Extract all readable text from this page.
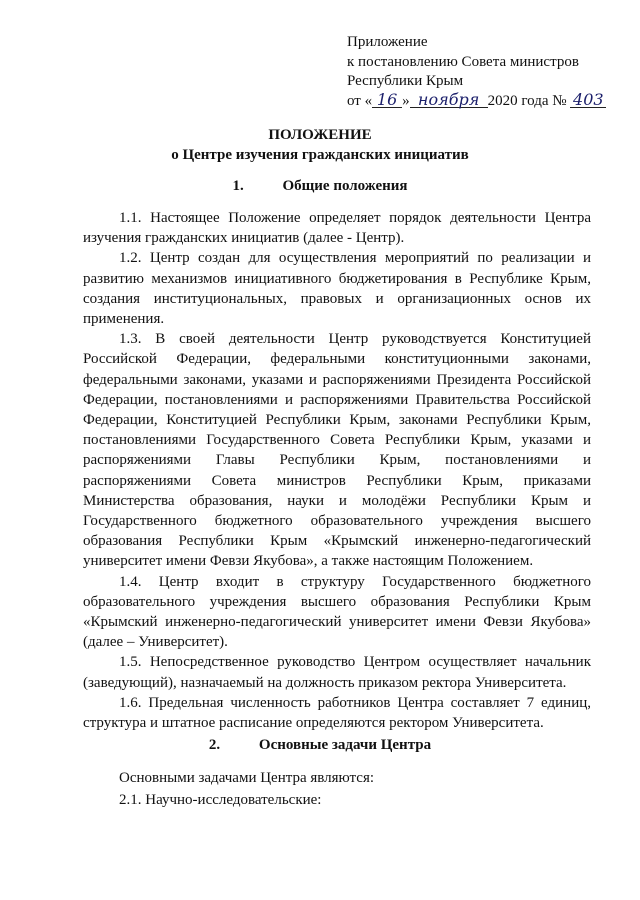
Приложение
к постановлению Совета министров
Республики Крым
от « 16 » ноября 2020 года № 403
ПОЛОЖЕНИЕ
о Центре изучения гражданских инициатив
1.	Общие положения

1.1. Настоящее Положение определяет порядок деятельности Центра изучения гражданских инициатив (далее - Центр).

1.2. Центр создан для осуществления мероприятий по реализации и развитию механизмов инициативного бюджетирования в Республике Крым, создания институциональных, правовых и организационных основ их применения.

1.3. В своей деятельности Центр руководствуется Конституцией Российской Федерации, федеральными конституционными законами, федеральными законами, указами и распоряжениями Президента Российской Федерации, постановлениями и распоряжениями Правительства Российской Федерации, Конституцией Республики Крым, законами Республики Крым, постановлениями Государственного Совета Республики Крым, указами и распоряжениями Главы Республики Крым, постановлениями и распоряжениями Совета министров Республики Крым, приказами Министерства образования, науки и молодёжи Республики Крым и Государственного бюджетного образовательного учреждения высшего образования Республики Крым «Крымский инженерно-педагогический университет имени Февзи Якубова», а также настоящим Положением.

1.4. Центр входит в структуру Государственного бюджетного образовательного учреждения высшего образования Республики Крым «Крымский инженерно-педагогический университет имени Февзи Якубова» (далее – Университет).

1.5. Непосредственное руководство Центром осуществляет начальник (заведующий), назначаемый на должность приказом ректора Университета.

1.6. Предельная численность работников Центра составляет 7 единиц, структура и штатное расписание определяются ректором Университета.

2.	Основные задачи Центра

Основными задачами Центра являются:

2.1. Научно-исследовательские:
